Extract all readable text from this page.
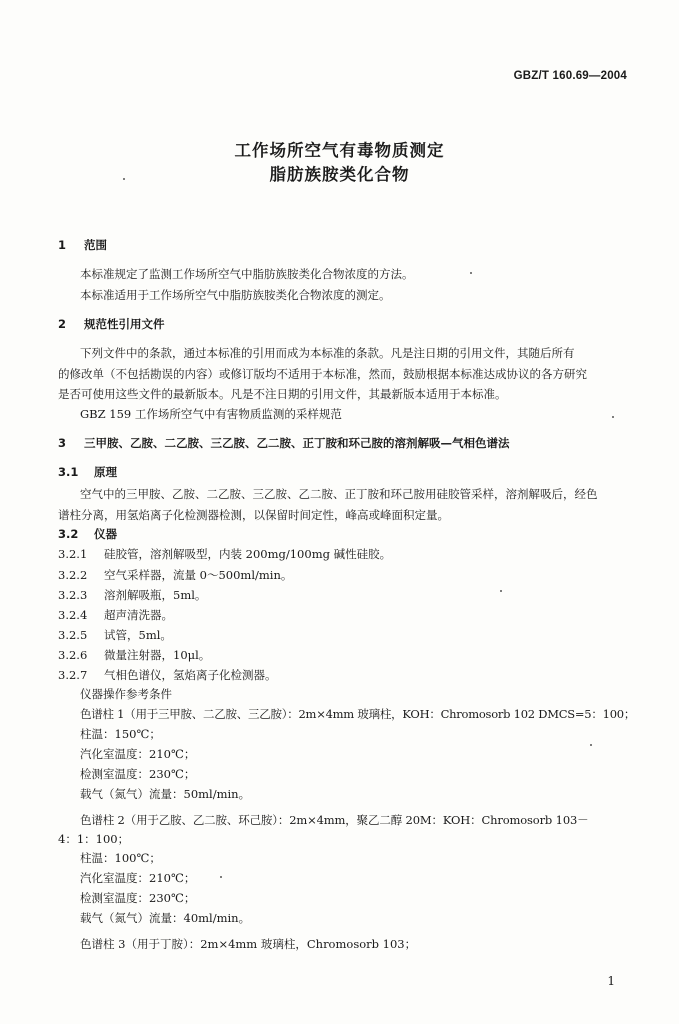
GBZ/T 160.69—2004
工作场所空气有毒物质测定
脂肪族胺类化合物
1 范围
本标准规定了监测工作场所空气中脂肪族胺类化合物浓度的方法。
本标准适用于工作场所空气中脂肪族胺类化合物浓度的测定。
2 规范性引用文件
下列文件中的条款，通过本标准的引用而成为本标准的条款。凡是注日期的引用文件，其随后所有
的修改单（不包括勘误的内容）或修订版均不适用于本标准，然而，鼓励根据本标准达成协议的各方研究
是否可使用这些文件的最新版本。凡是不注日期的引用文件，其最新版本适用于本标准。
GBZ 159 工作场所空气中有害物质监测的采样规范
3 三甲胺、乙胺、二乙胺、三乙胺、乙二胺、正丁胺和环己胺的溶剂解吸—气相色谱法
3.1 原理
空气中的三甲胺、乙胺、二乙胺、三乙胺、乙二胺、正丁胺和环己胺用硅胶管采样，溶剂解吸后，经色
谱柱分离，用氢焰离子化检测器检测，以保留时间定性，峰高或峰面积定量。
3.2 仪器
3.2.1 硅胶管，溶剂解吸型，内装 200mg/100mg 碱性硅胶。
3.2.2 空气采样器，流量 0～500ml/min。
3.2.3 溶剂解吸瓶，5ml。
3.2.4 超声清洗器。
3.2.5 试管，5ml。
3.2.6 微量注射器，10μl。
3.2.7 气相色谱仪，氢焰离子化检测器。
仪器操作参考条件
色谱柱 1（用于三甲胺、二乙胺、三乙胺）：2m×4mm 玻璃柱，KOH：Chromosorb 102 DMCS=5：100；
柱温：150℃；
汽化室温度：210℃；
检测室温度：230℃；
载气（氮气）流量：50ml/min。
色谱柱 2（用于乙胺、乙二胺、环己胺）：2m×4mm，聚乙二醇 20M：KOH：Chromosorb 103－
4：1：100；
柱温：100℃；
汽化室温度：210℃；
检测室温度：230℃；
载气（氮气）流量：40ml/min。
色谱柱 3（用于丁胺）：2m×4mm 玻璃柱，Chromosorb 103；
1
